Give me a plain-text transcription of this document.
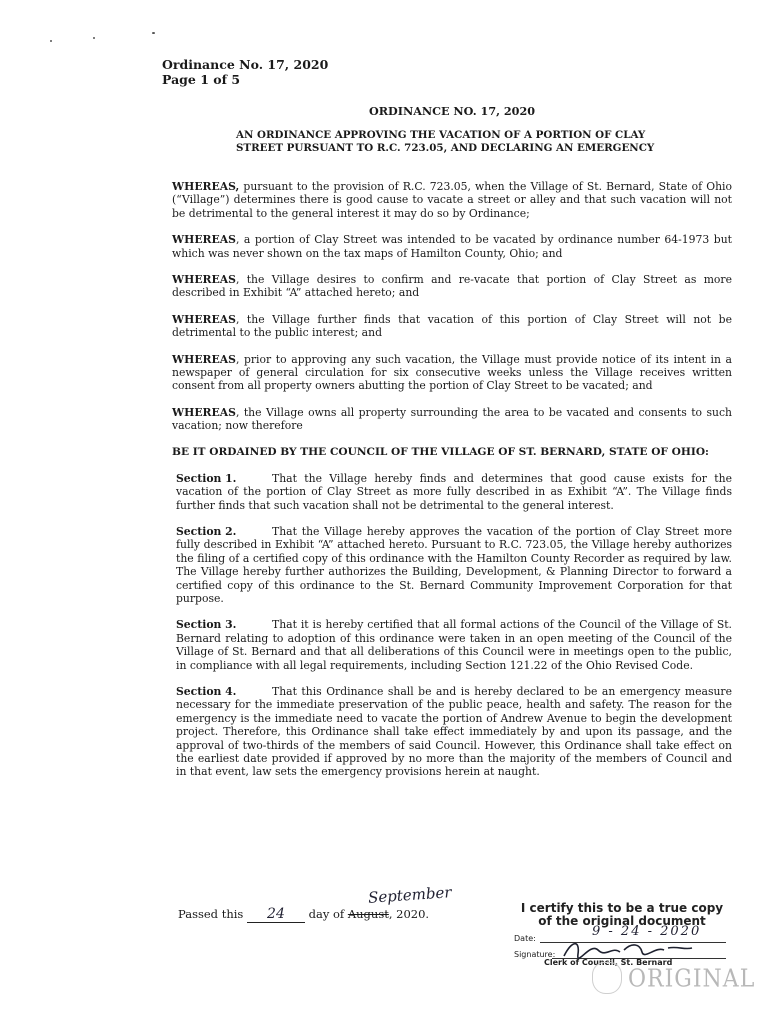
Ordinance No. 17, 2020
Page 1 of 5
ORDINANCE NO. 17, 2020
AN ORDINANCE APPROVING THE VACATION OF A PORTION OF CLAY STREET PURSUANT TO R.C. 723.05, AND DECLARING AN EMERGENCY

WHEREAS, pursuant to the provision of R.C. 723.05, when the Village of St. Bernard, State of Ohio (“Village”) determines there is good cause to vacate a street or alley and that such vacation will not be detrimental to the general interest it may do so by Ordinance;

WHEREAS, a portion of Clay Street was intended to be vacated by ordinance number 64-1973 but which was never shown on the tax maps of Hamilton County, Ohio; and

WHEREAS, the Village desires to confirm and re-vacate that portion of Clay Street as more described in Exhibit “A” attached hereto; and

WHEREAS, the Village further finds that vacation of this portion of Clay Street will not be detrimental to the public interest; and

WHEREAS, prior to approving any such vacation, the Village must provide notice of its intent in a newspaper of general circulation for six consecutive weeks unless the Village receives written consent from all property owners abutting the portion of Clay Street to be vacated; and

WHEREAS, the Village owns all property surrounding the area to be vacated and consents to such vacation; now therefore

BE IT ORDAINED BY THE COUNCIL OF THE VILLAGE OF ST. BERNARD, STATE OF OHIO:

Section 1.	That the Village hereby finds and determines that good cause exists for the vacation of the portion of Clay Street as more fully described in as Exhibit “A”. The Village finds further finds that such vacation shall not be detrimental to the general interest.

Section 2.	That the Village hereby approves the vacation of the portion of Clay Street more fully described in Exhibit “A” attached hereto. Pursuant to R.C. 723.05, the Village hereby authorizes the filing of a certified copy of this ordinance with the Hamilton County Recorder as required by law. The Village hereby further authorizes the Building, Development, & Planning Director to forward a certified copy of this ordinance to the St. Bernard Community Improvement Corporation for that purpose.

Section 3.	That it is hereby certified that all formal actions of the Council of the Village of St. Bernard relating to adoption of this ordinance were taken in an open meeting of the Council of the Village of St. Bernard and that all deliberations of this Council were in meetings open to the public, in compliance with all legal requirements, including Section 121.22 of the Ohio Revised Code.

Section 4.	That this Ordinance shall be and is hereby declared to be an emergency measure necessary for the immediate preservation of the public peace, health and safety. The reason for the emergency is the immediate need to vacate the portion of Andrew Avenue to begin the development project. Therefore, this Ordinance shall take effect immediately by and upon its passage, and the approval of two-thirds of the members of said Council. However, this Ordinance shall take effect on the earliest date provided if approved by no more than the majority of the members of Council and in that event, law sets the emergency provisions herein at naught.

Passed this 24 day of August, 2020.
September
I certify this to be a true copy
of the original document
Date:	9 - 24 - 2020
Signature:
Clerk of Council, St. Bernard
ORIGINAL
